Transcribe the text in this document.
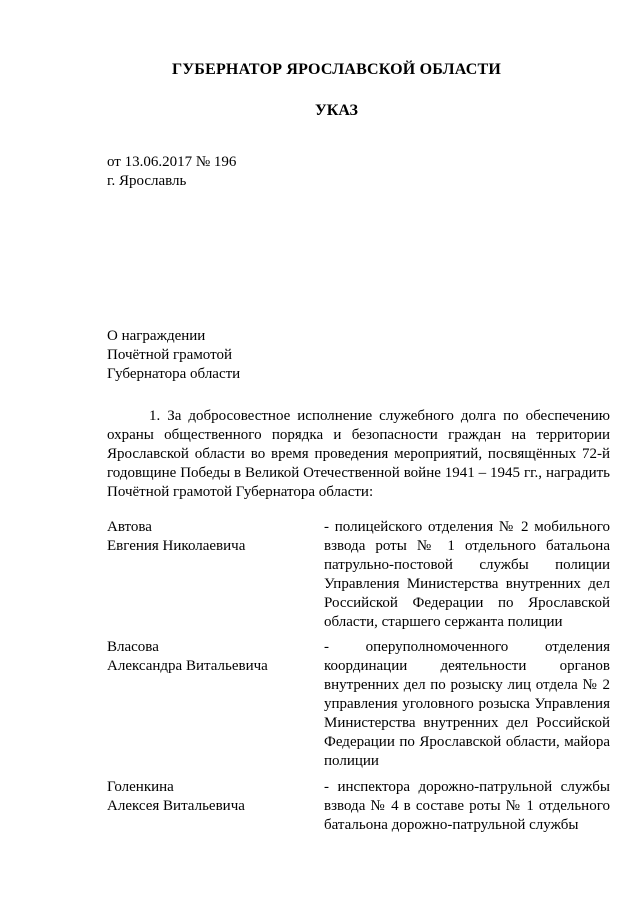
ГУБЕРНАТОР ЯРОСЛАВСКОЙ ОБЛАСТИ
УКАЗ
от 13.06.2017 № 196
г. Ярославль
О награждении
Почётной грамотой
Губернатора области
1. За добросовестное исполнение служебного долга по обеспечению охраны общественного порядка и безопасности граждан на территории Ярославской области во время проведения мероприятий, посвящённых 72-й годовщине Победы в Великой Отечественной войне 1941 – 1945 гг., наградить Почётной грамотой Губернатора области:
Автова
Евгения Николаевича
- полицейского отделения № 2 мобильного взвода роты № 1 отдельного батальона патрульно-постовой службы полиции Управления Министерства внутренних дел Российской Федерации по Ярославской области, старшего сержанта полиции
Власова
Александра Витальевича
- оперуполномоченного отделения координации деятельности органов внутренних дел по розыску лиц отдела № 2 управления уголовного розыска Управления Министерства внутренних дел Российской Федерации по Ярославской области, майора полиции
Голенкина
Алексея Витальевича
- инспектора дорожно-патрульной службы взвода № 4 в составе роты № 1 отдельного батальона дорожно-патрульной службы
